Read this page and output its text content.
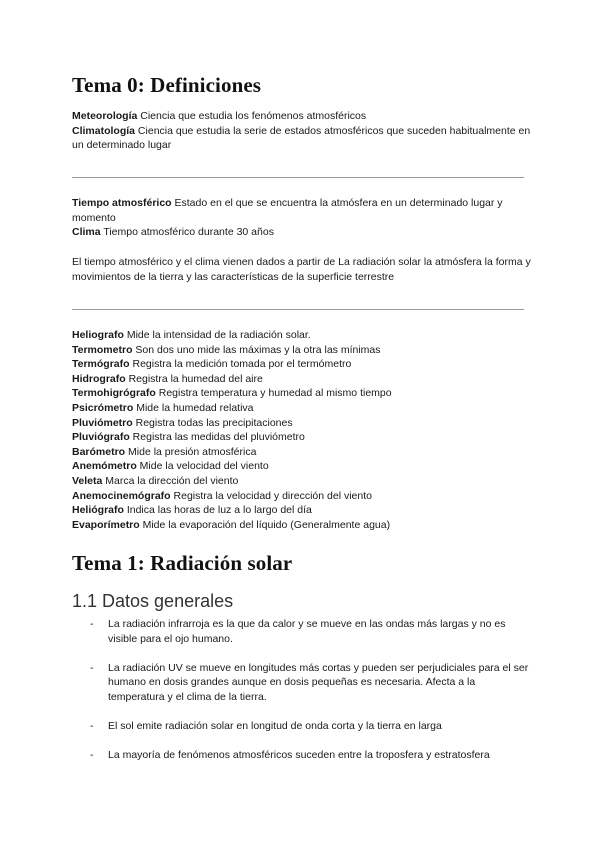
Tema 0: Definiciones

Meteorología Ciencia que estudia los fenómenos atmosféricos

Climatología Ciencia que estudia la serie de estados atmosféricos que suceden habitualmente en un determinado lugar

Tiempo atmosférico Estado en el que se encuentra la atmósfera en un determinado lugar y momento

Clima Tiempo atmosférico durante 30 años

El tiempo atmosférico y el clima vienen dados a partir de La radiación solar la atmósfera la forma y movimientos de la tierra y las características de la superficie terrestre

Heliografo Mide la intensidad de la radiación solar.

Termometro Son dos uno mide las máximas y la otra las mínimas

Termógrafo Registra la medición tomada por el termómetro

Hidrografo Registra la humedad del aire

Termohigrógrafo Registra temperatura y humedad al mismo tiempo

Psicrómetro Mide la humedad relativa

Pluviómetro Registra todas las precipitaciones

Pluviógrafo Registra las medidas del pluviómetro

Barómetro Mide la presión atmosférica

Anemómetro Mide la velocidad del viento

Veleta Marca la dirección del viento

Anemocinemógrafo Registra la velocidad y dirección del viento

Heliógrafo Indica las horas de luz a lo largo del día

Evaporímetro Mide la evaporación del líquido (Generalmente agua)

Tema 1: Radiación solar
1.1 Datos generales
- La radiación infrarroja es la que da calor y se mueve en las ondas más largas y no es visible para el ojo humano.
- La radiación UV se mueve en longitudes más cortas y pueden ser perjudiciales para el ser humano en dosis grandes aunque en dosis pequeñas es necesaria. Afecta a la temperatura y el clima de la tierra.
- El sol emite radiación solar en longitud de onda corta y la tierra en larga
- La mayoría de fenómenos atmosféricos suceden entre la troposfera y estratosfera
